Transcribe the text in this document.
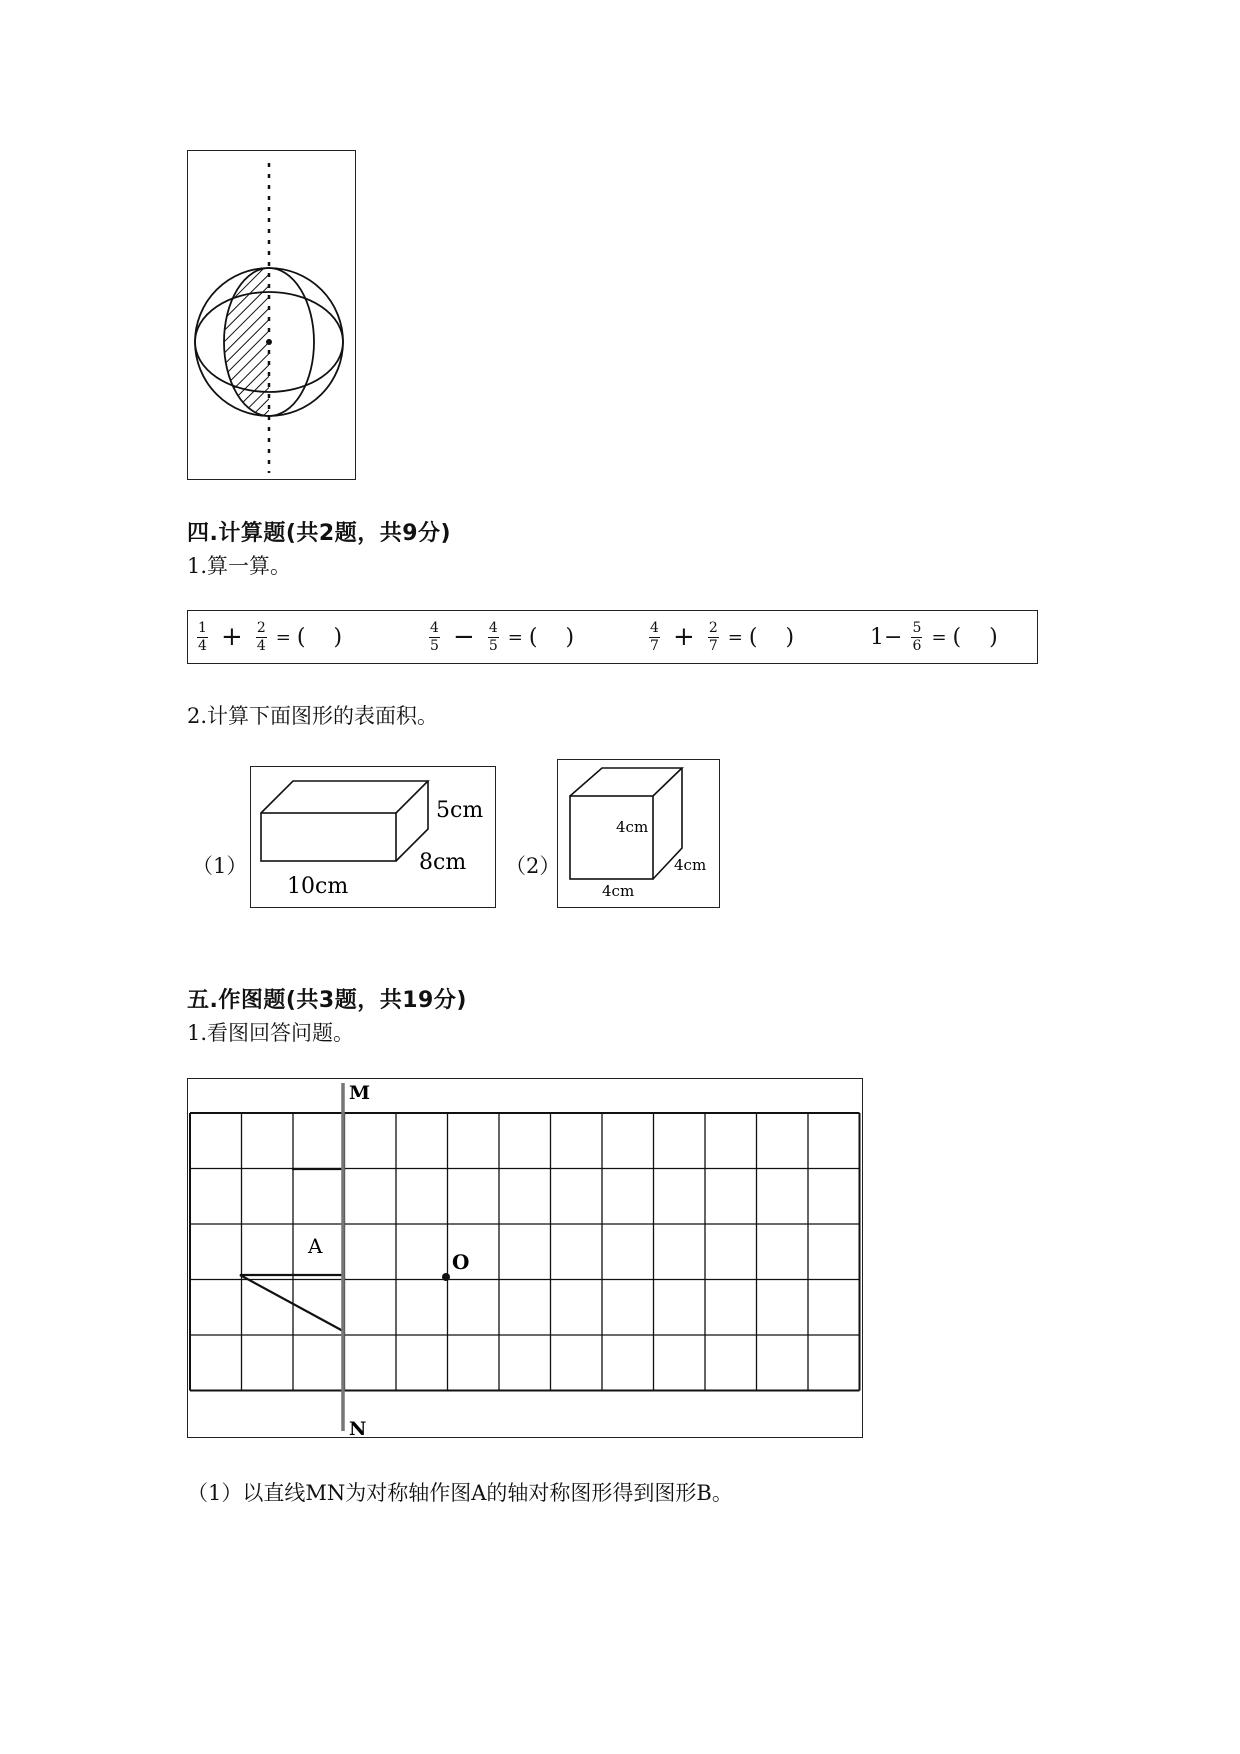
四.计算题(共2题，共9分)
1.算一算。
$\frac{1}{4} + \frac{2}{4}$ = (    )	$\frac{4}{5} - \frac{4}{5}$ = (    )	$\frac{4}{7} + \frac{2}{7}$ = (    )	$1- \frac{5}{6}$ = (    )
2.计算下面图形的表面积。
（1）
5cm
8cm
10cm
（2）
4cm
4cm
4cm
五.作图题(共3题，共19分)
1.看图回答问题。
A
O
M
N
（1）以直线MN为对称轴作图A的轴对称图形得到图形B。
